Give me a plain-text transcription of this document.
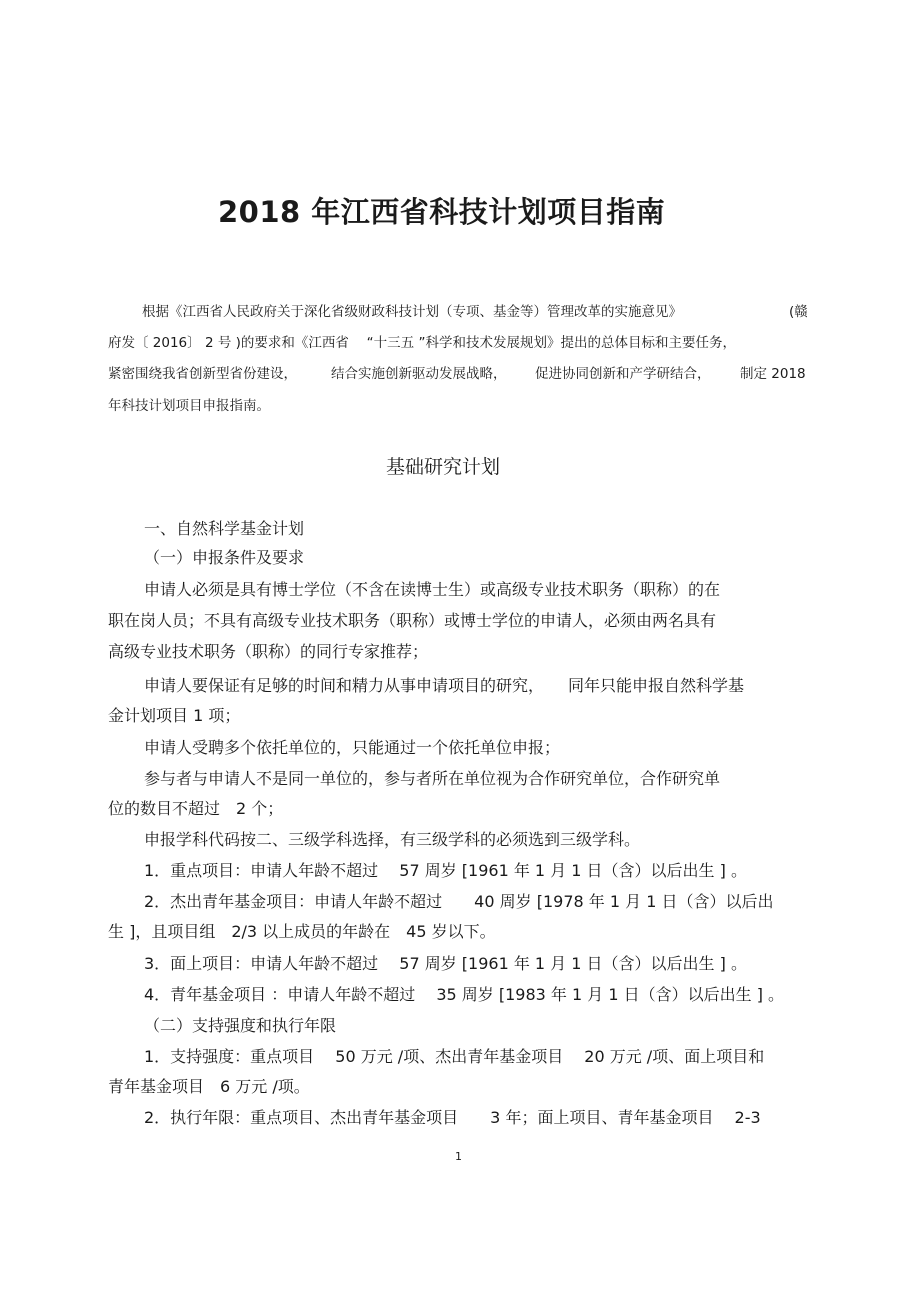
2018 年江西省科技计划项目指南
根据《江西省人民政府关于深化省级财政科技计划（专项、基金等）管理改革的实施意见》	(赣
府发〔 2016〕 2 号 )的要求和《江西省　 “十三五 ”科学和技术发展规划》提出的总体目标和主要任务，
紧密围绕我省创新型省份建设，	结合实施创新驱动发展战略， 促进协同创新和产学研结合， 制定 2018
年科技计划项目申报指南。
基础研究计划
一、自然科学基金计划
（一）申报条件及要求
申请人必须是具有博士学位（不含在读博士生）或高级专业技术职务（职称）的在
职在岗人员；不具有高级专业技术职务（职称）或博士学位的申请人，必须由两名具有
高级专业技术职务（职称）的同行专家推荐；
申请人要保证有足够的时间和精力从事申请项目的研究，　　同年只能申报自然科学基
金计划项目 1 项；
申请人受聘多个依托单位的，只能通过一个依托单位申报；
参与者与申请人不是同一单位的，参与者所在单位视为合作研究单位，合作研究单
位的数目不超过　2 个；
申报学科代码按二、三级学科选择，有三级学科的必须选到三级学科。
1．重点项目：申请人年龄不超过　 57 周岁 [1961 年 1 月 1 日（含）以后出生 ] 。
2．杰出青年基金项目：申请人年龄不超过　　40 周岁 [1978 年 1 月 1 日（含）以后出
生 ]，且项目组　2/3 以上成员的年龄在　45 岁以下。
3．面上项目：申请人年龄不超过　 57 周岁 [1961 年 1 月 1 日（含）以后出生 ] 。
4．青年基金项目 ：申请人年龄不超过　 35 周岁 [1983 年 1 月 1 日（含）以后出生 ] 。
（二）支持强度和执行年限
1．支持强度：重点项目　 50 万元 /项、杰出青年基金项目　 20 万元 /项、面上项目和
青年基金项目　6 万元 /项。
2．执行年限：重点项目、杰出青年基金项目　　3 年；面上项目、青年基金项目　 2-3
1
